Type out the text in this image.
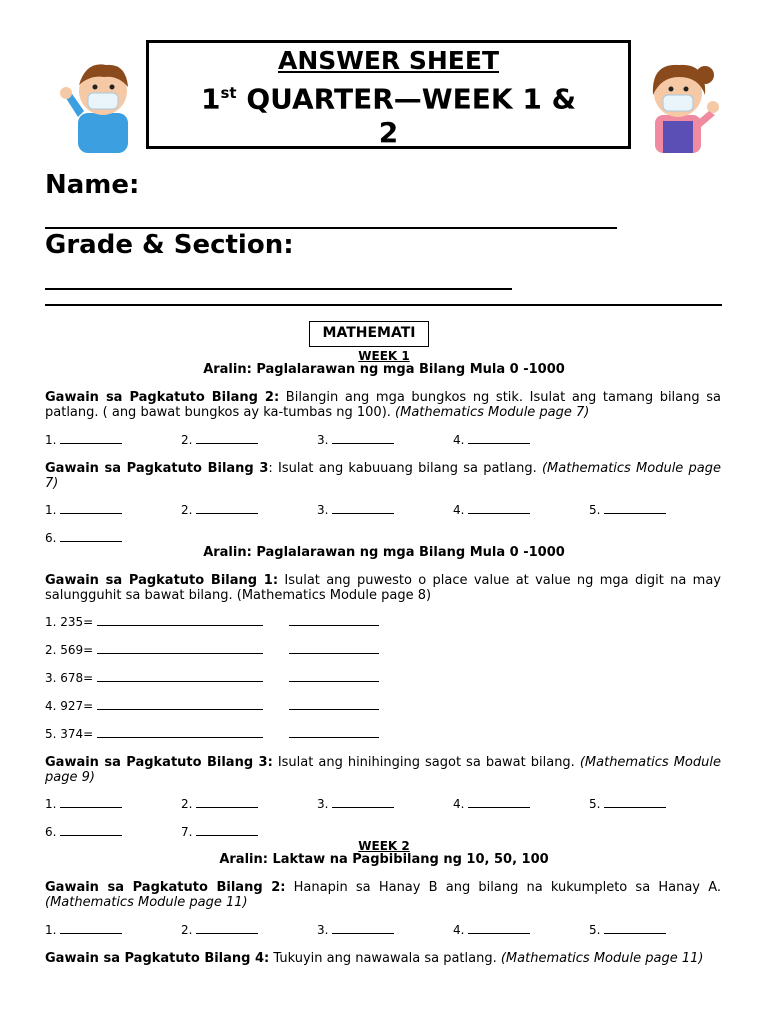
ANSWER SHEET
1st QUARTER—WEEK 1 &
2
Name:
Grade & Section:
MATHEMATI
WEEK 1
Aralin: Paglalarawan ng mga Bilang Mula 0 -1000
Gawain sa Pagkatuto Bilang 2: Bilangin ang mga bungkos ng stik. Isulat ang tamang bilang sa patlang. ( ang bawat bungkos ay ka-tumbas ng 100). (Mathematics Module page 7)
1.	2.	3.	4.
Gawain sa Pagkatuto Bilang 3: Isulat ang kabuuang bilang sa patlang. (Mathematics Module page 7)
1.	2.	3.	4.	5.
6.
Aralin: Paglalarawan ng mga Bilang Mula 0 -1000
Gawain sa Pagkatuto Bilang 1: Isulat ang puwesto o place value at value ng mga digit na may salungguhit sa bawat bilang. (Mathematics Module page 8)
1. 235=
2. 569=
3. 678=
4. 927=
5. 374=
Gawain sa Pagkatuto Bilang 3: Isulat ang hinihinging sagot sa bawat bilang. (Mathematics Module page 9)
1.	2.	3.	4.	5.
6.	7.
WEEK 2
Aralin: Laktaw na Pagbibilang ng 10, 50, 100
Gawain sa Pagkatuto Bilang 2: Hanapin sa Hanay B ang bilang na kukumpleto sa Hanay A. (Mathematics Module page 11)
1.	2.	3.	4.	5.
Gawain sa Pagkatuto Bilang 4: Tukuyin ang nawawala sa patlang. (Mathematics Module page 11)
